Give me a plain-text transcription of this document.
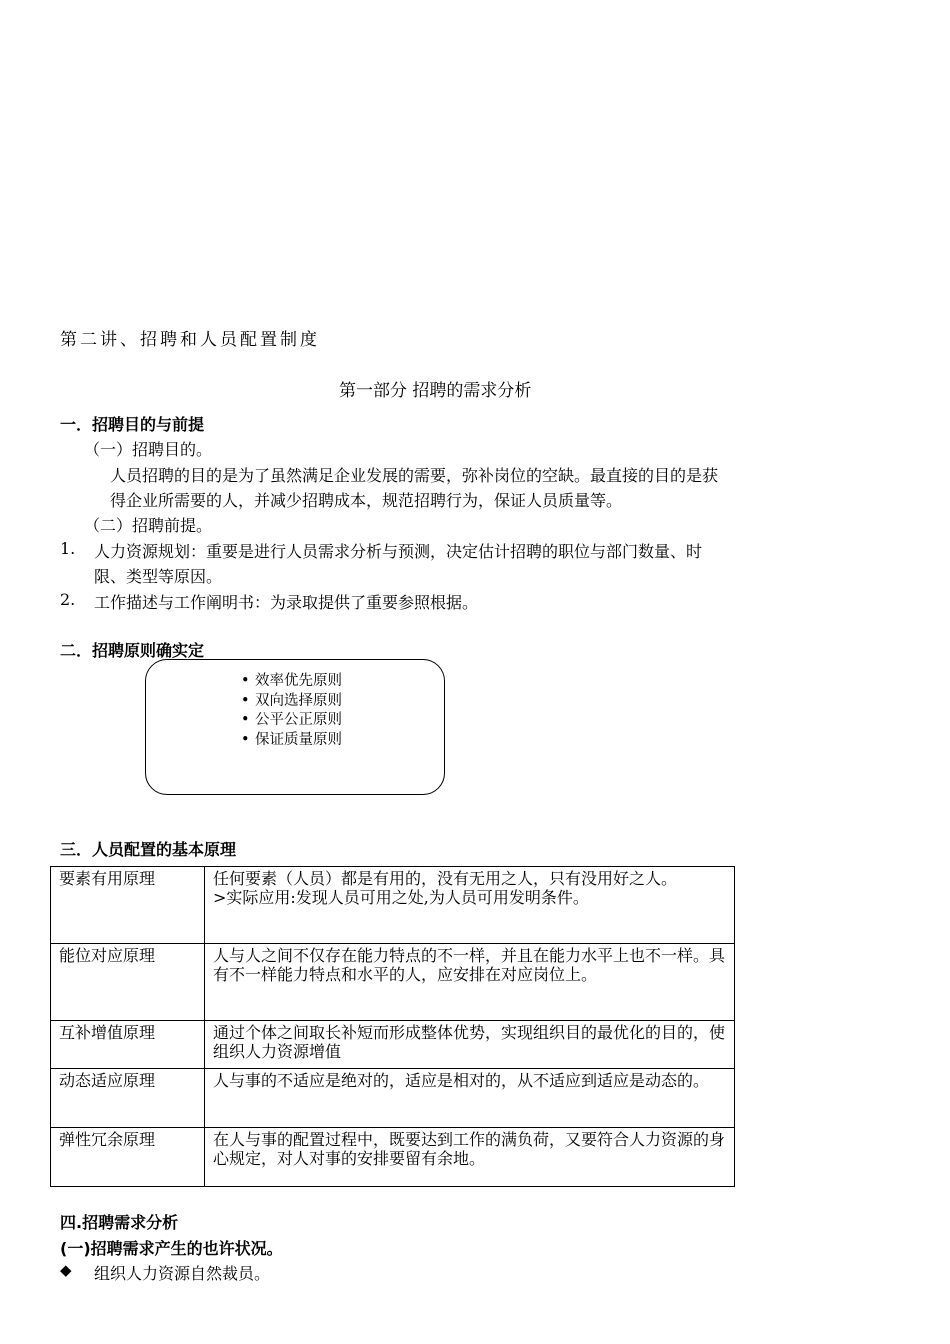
第二讲、招聘和人员配置制度
第一部分 招聘的需求分析
一．招聘目的与前提
（一）招聘目的。
人员招聘的目的是为了虽然满足企业发展的需要，弥补岗位的空缺。最直接的目的是获
得企业所需要的人，并减少招聘成本，规范招聘行为，保证人员质量等。
（二）招聘前提。
1. 人力资源规划：重要是进行人员需求分析与预测，决定估计招聘的职位与部门数量、时
限、类型等原因。
2. 工作描述与工作阐明书：为录取提供了重要参照根据。
二．招聘原则确实定
• 效率优先原则
• 双向选择原则
• 公平公正原则
• 保证质量原则
三．人员配置的基本原理
要素有用原理	任何要素（人员）都是有用的，没有无用之人，只有没用好之人。
>实际应用:发现人员可用之处,为人员可用发明条件。

能位对应原理	人与人之间不仅存在能力特点的不一样，并且在能力水平上也不一样。具有不一样能力特点和水平的人，应安排在对应岗位上。
互补增值原理	通过个体之间取长补短而形成整体优势，实现组织目的最优化的目的，使组织人力资源增值
动态适应原理	人与事的不适应是绝对的，适应是相对的，从不适应到适应是动态的。
弹性冗余原理	在人与事的配置过程中，既要达到工作的满负荷，又要符合人力资源的身心规定，对人对事的安排要留有余地。
四.招聘需求分析
(一)招聘需求产生的也许状况。
◆ 组织人力资源自然裁员。
